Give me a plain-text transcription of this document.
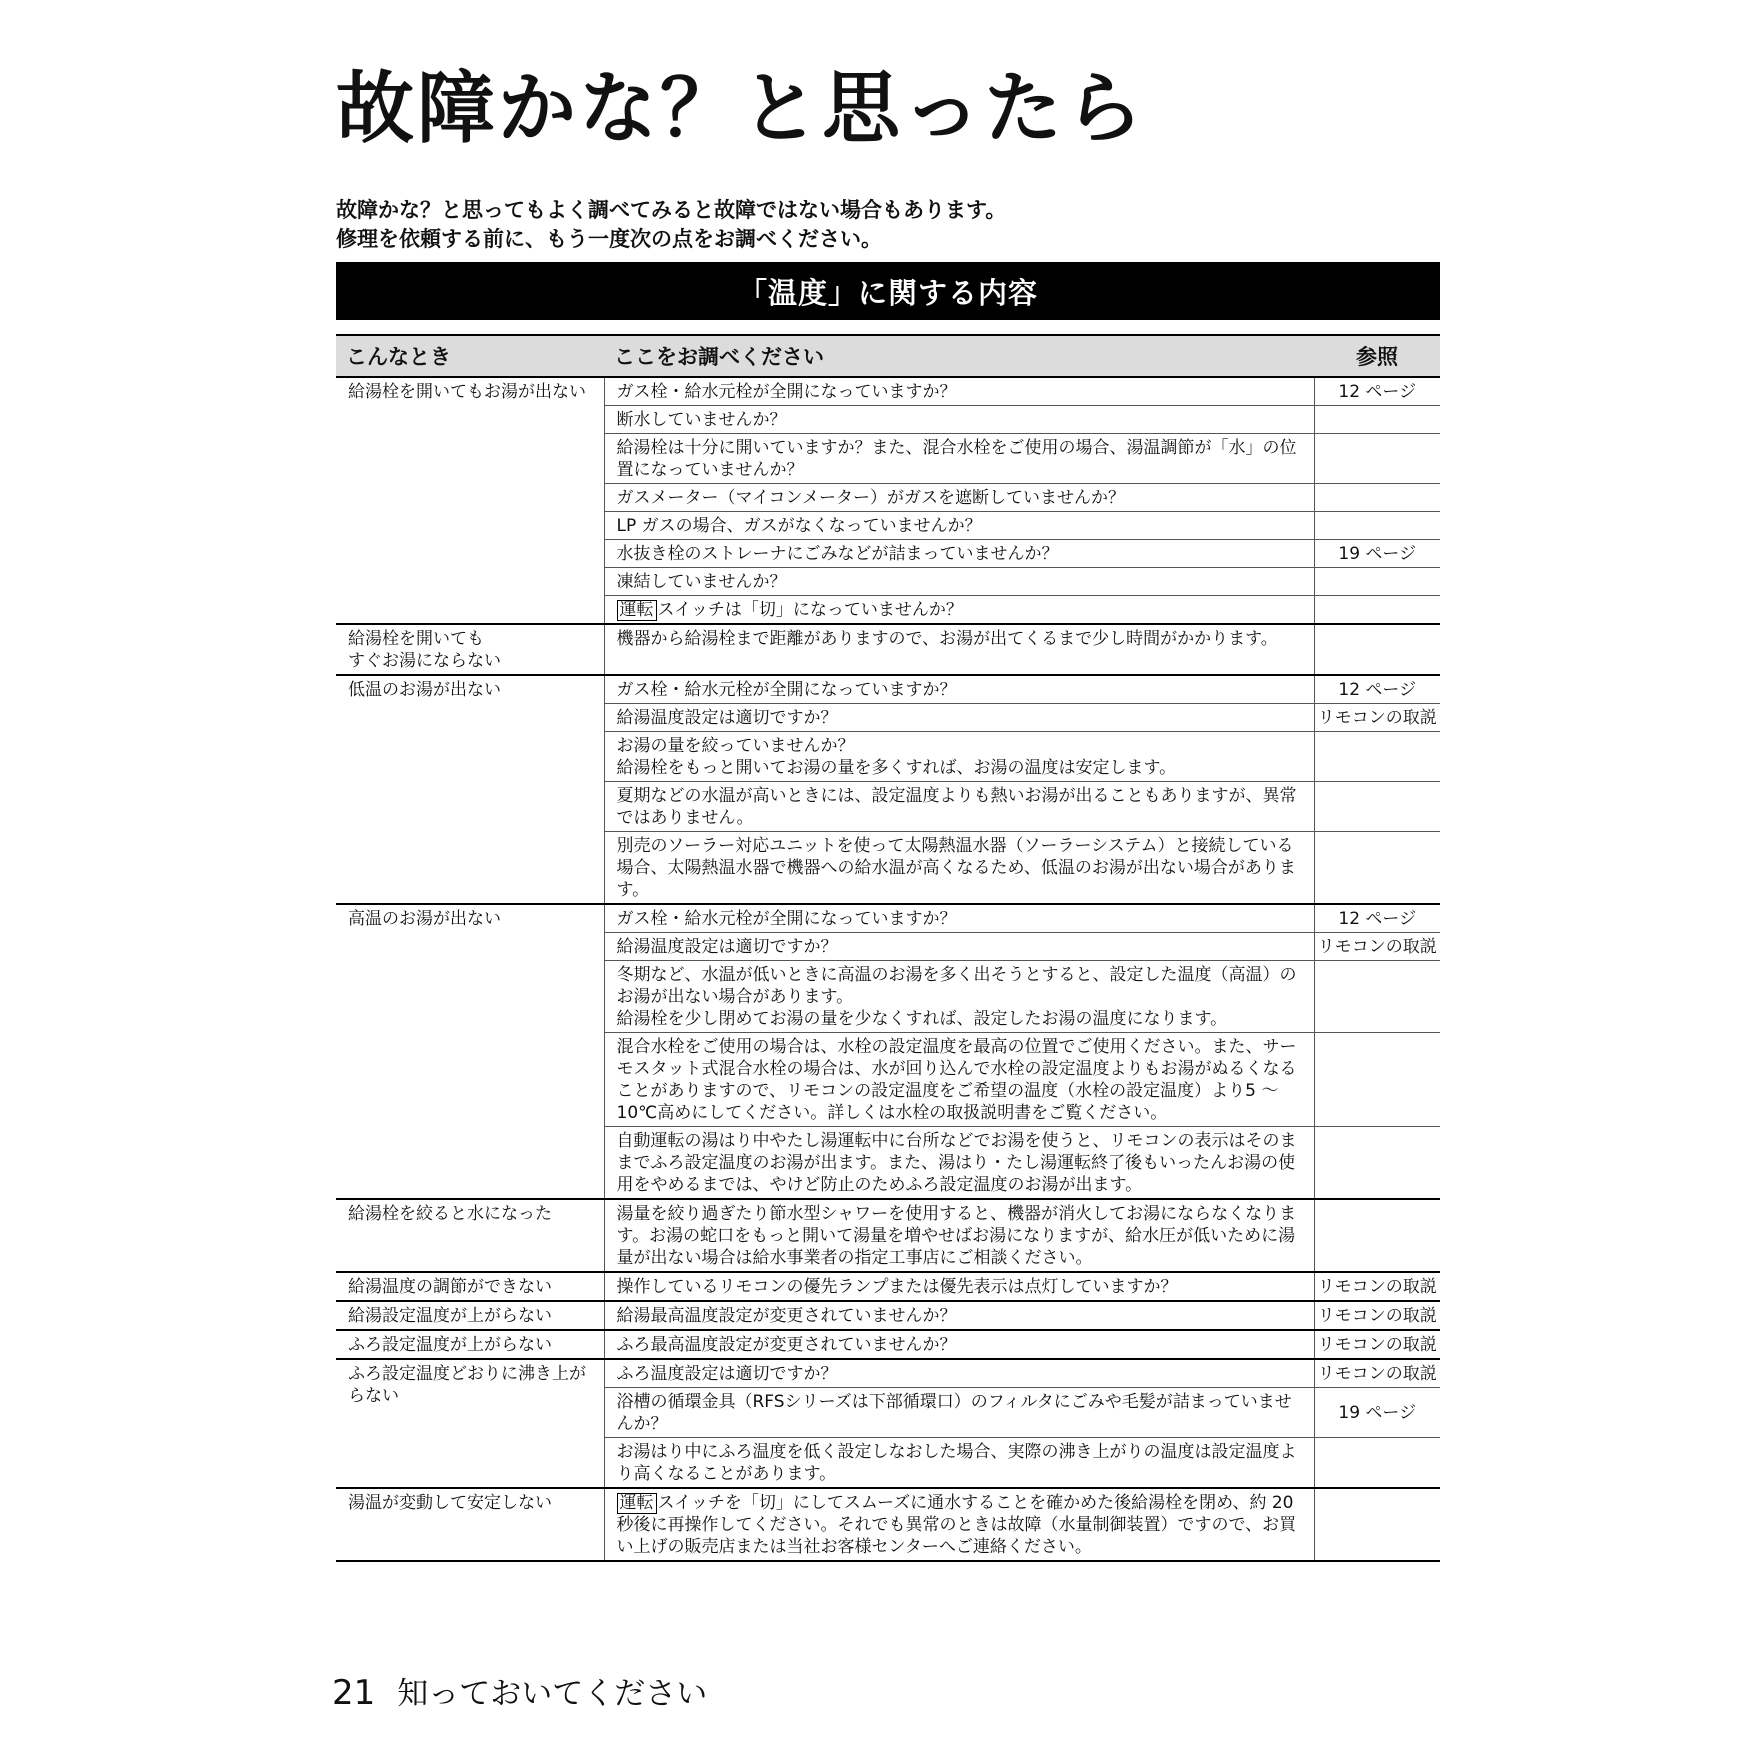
故障かな？と思ったら
故障かな？と思ってもよく調べてみると故障ではない場合もあります。
修理を依頼する前に、もう一度次の点をお調べください。
「温度」に関する内容
こんなとき	ここをお調べください	参照
給湯栓を開いてもお湯が出ない	ガス栓・給水元栓が全開になっていますか？	12 ページ
	断水していませんか？	
	給湯栓は十分に開いていますか？また、混合水栓をご使用の場合、湯温調節が「水」の位置になっていませんか？	
	ガスメーター（マイコンメーター）がガスを遮断していませんか？	
	LP ガスの場合、ガスがなくなっていませんか？	
	水抜き栓のストレーナにごみなどが詰まっていませんか？	19 ページ
	凍結していませんか？	
	運転 スイッチは「切」になっていませんか？	
給湯栓を開いても
すぐお湯にならない	機器から給湯栓まで距離がありますので、お湯が出てくるまで少し時間がかかります。	
低温のお湯が出ない	ガス栓・給水元栓が全開になっていますか？	12 ページ
	給湯温度設定は適切ですか？	リモコンの取説
	お湯の量を絞っていませんか？
給湯栓をもっと開いてお湯の量を多くすれば、お湯の温度は安定します。	
	夏期などの水温が高いときには、設定温度よりも熱いお湯が出ることもありますが、異常ではありません。	
	別売のソーラー対応ユニットを使って太陽熱温水器（ソーラーシステム）と接続している場合、太陽熱温水器で機器への給水温が高くなるため、低温のお湯が出ない場合があります。	
高温のお湯が出ない	ガス栓・給水元栓が全開になっていますか？	12 ページ
	給湯温度設定は適切ですか？	リモコンの取説
	冬期など、水温が低いときに高温のお湯を多く出そうとすると、設定した温度（高温）のお湯が出ない場合があります。
給湯栓を少し閉めてお湯の量を少なくすれば、設定したお湯の温度になります。	
	混合水栓をご使用の場合は、水栓の設定温度を最高の位置でご使用ください。また、サーモスタット式混合水栓の場合は、水が回り込んで水栓の設定温度よりもお湯がぬるくなることがありますので、リモコンの設定温度をご希望の温度（水栓の設定温度）より5 ～10℃高めにしてください。詳しくは水栓の取扱説明書をご覧ください。	
	自動運転の湯はり中やたし湯運転中に台所などでお湯を使うと、リモコンの表示はそのままでふろ設定温度のお湯が出ます。また、湯はり・たし湯運転終了後もいったんお湯の使用をやめるまでは、やけど防止のためふろ設定温度のお湯が出ます。	
給湯栓を絞ると水になった	湯量を絞り過ぎたり節水型シャワーを使用すると、機器が消火してお湯にならなくなります。お湯の蛇口をもっと開いて湯量を増やせばお湯になりますが、給水圧が低いために湯量が出ない場合は給水事業者の指定工事店にご相談ください。	
給湯温度の調節ができない	操作しているリモコンの優先ランプまたは優先表示は点灯していますか？	リモコンの取説
給湯設定温度が上がらない	給湯最高温度設定が変更されていませんか？	リモコンの取説
ふろ設定温度が上がらない	ふろ最高温度設定が変更されていませんか？	リモコンの取説
ふろ設定温度どおりに沸き上がらない	ふろ温度設定は適切ですか？	リモコンの取説
	浴槽の循環金具（RFSシリーズは下部循環口）のフィルタにごみや毛髪が詰まっていませんか？	19 ページ
	お湯はり中にふろ温度を低く設定しなおした場合、実際の沸き上がりの温度は設定温度より高くなることがあります。	
湯温が変動して安定しない	運転 スイッチを「切」にしてスムーズに通水することを確かめた後給湯栓を閉め、約 20 秒後に再操作してください。それでも異常のときは故障（水量制御装置）ですので、お買い上げの販売店または当社お客様センターへご連絡ください。	
21 知っておいてください
